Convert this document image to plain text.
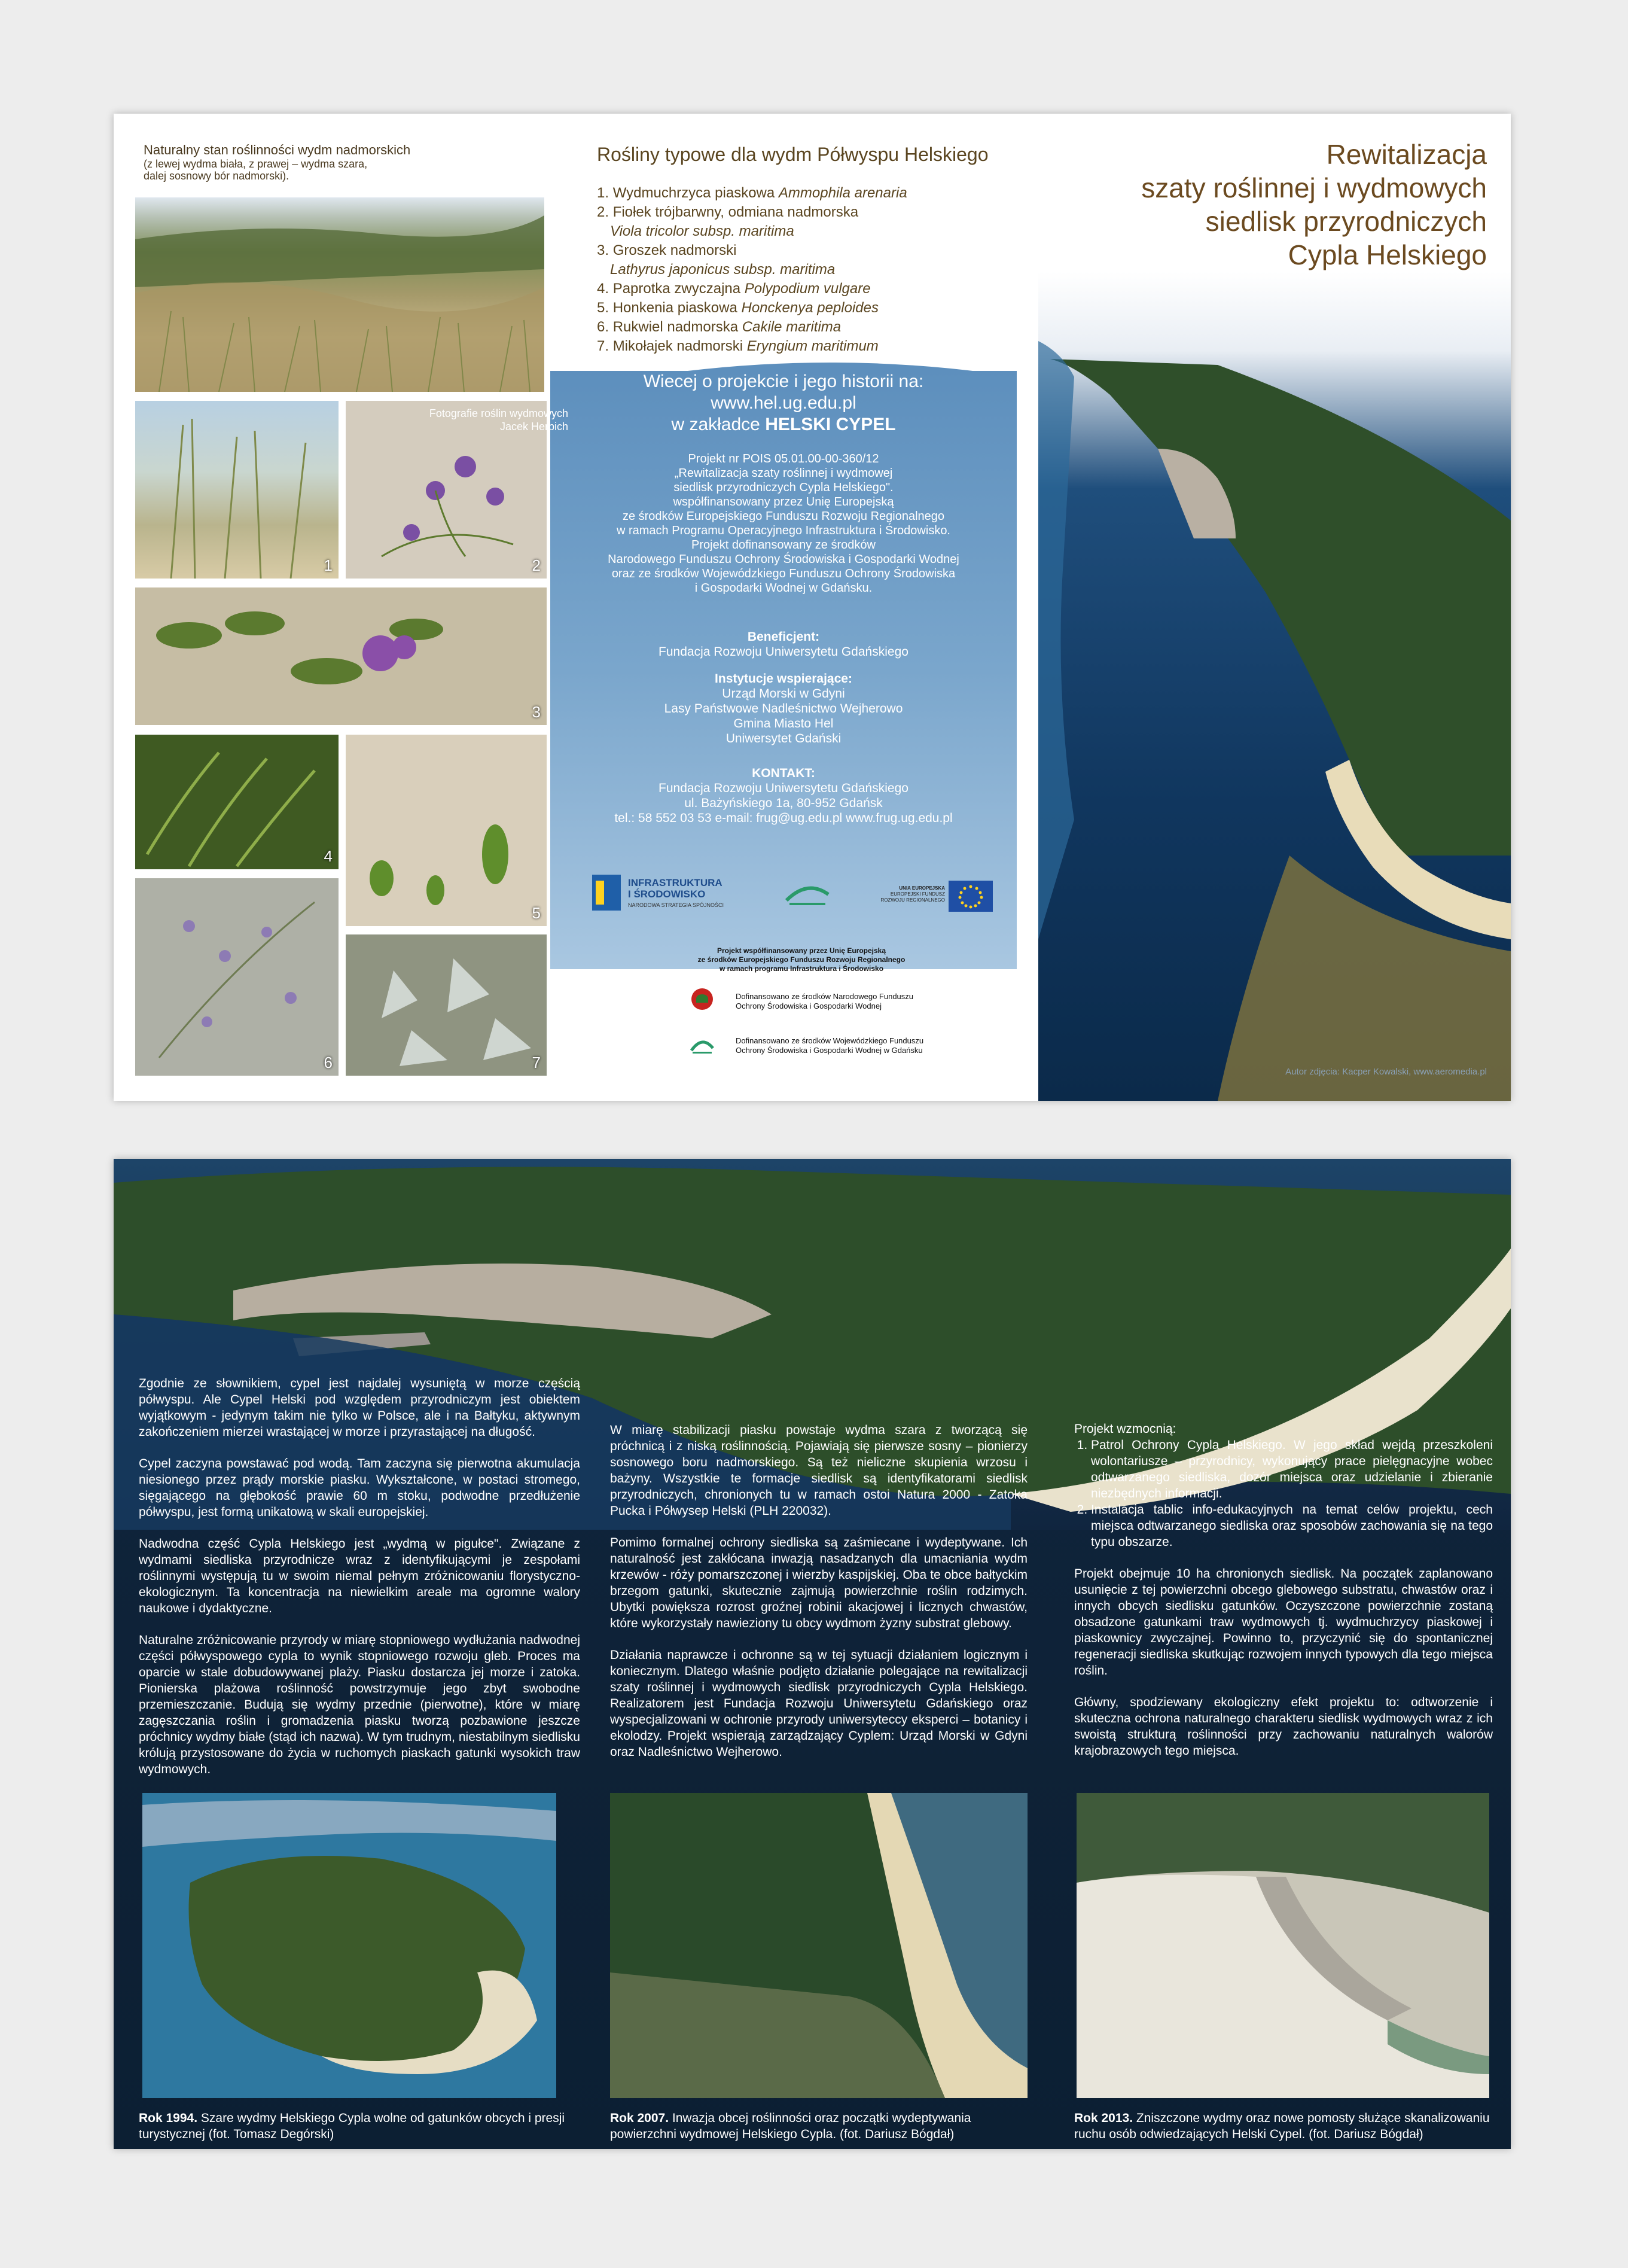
Naturalny stan roślinności wydm nadmorskich
(z lewej wydma biała, z prawej – wydma szara,
dalej sosnowy bór nadmorski).
1
Fotografie roślin wydmowych
Jacek Herbich
2
3
4
5
6	7
Rośliny typowe dla wydm Półwyspu Helskiego
1. Wydmuchrzyca piaskowa Ammophila arenaria
2. Fiołek trójbarwny, odmiana nadmorska
Viola tricolor subsp. maritima
3. Groszek nadmorski
Lathyrus japonicus subsp. maritima
4. Paprotka zwyczajna Polypodium vulgare
5. Honkenia piaskowa Honckenya peploides
6. Rukwiel nadmorska Cakile maritima
7. Mikołajek nadmorski Eryngium maritimum
Wiecej o projekcie i jego historii na:
www.hel.ug.edu.pl
w zakładce HELSKI CYPEL
Projekt nr POIS 05.01.00-00-360/12
„Rewitalizacja szaty roślinnej i wydmowej
siedlisk przyrodniczych Cypla Helskiego".
współfinansowany przez Unię Europejską
ze środków Europejskiego Funduszu Rozwoju Regionalnego
w ramach Programu Operacyjnego Infrastruktura i Środowisko.
Projekt dofinansowany ze środków
Narodowego Funduszu Ochrony Środowiska i Gospodarki Wodnej
oraz ze środków Wojewódzkiego Funduszu Ochrony Środowiska
i Gospodarki Wodnej w Gdańsku.
Beneficjent:
Fundacja Rozwoju Uniwersytetu Gdańskiego
Instytucje wspierające:
Urząd Morski w Gdyni
Lasy Państwowe Nadleśnictwo Wejherowo
Gmina Miasto Hel
Uniwersytet Gdański
KONTAKT:
Fundacja Rozwoju Uniwersytetu Gdańskiego
ul. Bażyńskiego 1a, 80-952 Gdańsk
tel.: 58 552 03 53 e-mail: frug@ug.edu.pl www.frug.ug.edu.pl
INFRASTRUKTURA
I ŚRODOWISKO
NARODOWA STRATEGIA SPÓJNOŚCI
UNIA EUROPEJSKA
EUROPEJSKI FUNDUSZ
ROZWOJU REGIONALNEGO
Projekt współfinansowany przez Unię Europejską
ze środków Europejskiego Funduszu Rozwoju Regionalnego
w ramach programu Infrastruktura i Środowisko
Dofinansowano ze środków Narodowego Funduszu
Ochrony Środowiska i Gospodarki Wodnej
Dofinansowano ze środków Wojewódzkiego Funduszu
Ochrony Środowiska i Gospodarki Wodnej w Gdańsku
Rewitalizacja
szaty roślinnej i wydmowych
siedlisk przyrodniczych
Cypla Helskiego
Autor zdjęcia: Kacper Kowalski, www.aeromedia.pl

Zgodnie ze słownikiem, cypel jest najdalej wysuniętą w morze częścią półwyspu. Ale Cypel Helski pod względem przyrodniczym jest obiektem wyjątkowym - jedynym takim nie tylko w Polsce, ale i na Bałtyku, aktywnym zakończeniem mierzei wrastającej w morze i przyrastającej na długość.

Cypel zaczyna powstawać pod wodą. Tam zaczyna się pierwotna akumulacja niesionego przez prądy morskie piasku. Wykształcone, w postaci stromego, sięgającego na głębokość prawie 60 m stoku, podwodne przedłużenie półwyspu, jest formą unikatową w skali europejskiej.

Nadwodna część Cypla Helskiego jest „wydmą w pigułce". Związane z wydmami siedliska przyrodnicze wraz z identyfikującymi je zespołami roślinnymi występują tu w swoim niemal pełnym zróżnicowaniu florystyczno-ekologicznym. Ta koncentracja na niewielkim areale ma ogromne walory naukowe i dydaktyczne.

Naturalne zróżnicowanie przyrody w miarę stopniowego wydłużania nadwodnej części półwyspowego cypla to wynik stopniowego rozwoju gleb. Proces ma oparcie w stale dobudowywanej plaży. Piasku dostarcza jej morze i zatoka. Pionierska plażowa roślinność powstrzymuje jego zbyt swobodne przemieszczanie. Budują się wydmy przednie (pierwotne), które w miarę zagęszczania roślin i gromadzenia piasku tworzą pozbawione jeszcze próchnicy wydmy białe (stąd ich nazwa). W tym trudnym, niestabilnym siedlisku królują przystosowane do życia w ruchomych piaskach gatunki wysokich traw wydmowych.

W miarę stabilizacji piasku powstaje wydma szara z tworzącą się próchnicą i z niską roślinnością. Pojawiają się pierwsze sosny – pionierzy sosnowego boru nadmorskiego. Są też nieliczne skupienia wrzosu i bażyny. Wszystkie te formacje siedlisk są identyfikatorami siedlisk przyrodniczych, chronionych tu w ramach ostoi Natura 2000 - Zatoka Pucka i Półwysep Helski (PLH 220032).

Pomimo formalnej ochrony siedliska są zaśmiecane i wydeptywane. Ich naturalność jest zakłócana inwazją nasadzanych dla umacniania wydm krzewów - róży pomarszczonej i wierzby kaspijskiej. Oba te obce bałtyckim brzegom gatunki, skutecznie zajmują powierzchnie roślin rodzimych. Ubytki powiększa rozrost groźnej robinii akacjowej i licznych chwastów, które wykorzystały nawieziony tu obcy wydmom żyzny substrat glebowy.

Działania naprawcze i ochronne są w tej sytuacji działaniem logicznym i koniecznym. Dlatego właśnie podjęto działanie polegające na rewitalizacji szaty roślinnej i wydmowych siedlisk przyrodniczych Cypla Helskiego. Realizatorem jest Fundacja Rozwoju Uniwersytetu Gdańskiego oraz wyspecjalizowani w ochronie przyrody uniwersyteccy eksperci – botanicy i ekolodzy. Projekt wspierają zarządzający Cyplem: Urząd Morski w Gdyni oraz Nadleśnictwo Wejherowo.

Projekt wzmocnią:
1. Patrol Ochrony Cypla Helskiego. W jego skład wejdą przeszkoleni wolontariusze – przyrodnicy, wykonujący prace pielęgnacyjne wobec odtwarzanego siedliska, dozór miejsca oraz udzielanie i zbieranie niezbędnych informacji.
2. Instalacja tablic info-edukacyjnych na temat celów projektu, cech miejsca odtwarzanego siedliska oraz sposobów zachowania się na tego typu obszarze.

Projekt obejmuje 10 ha chronionych siedlisk. Na początek zaplanowano usunięcie z tej powierzchni obcego glebowego substratu, chwastów oraz i innych obcych siedlisku gatunków. Oczyszczone powierzchnie zostaną obsadzone gatunkami traw wydmowych tj. wydmuchrzycy piaskowej i piaskownicy zwyczajnej. Powinno to, przyczynić się do spontanicznej regeneracji siedliska skutkując rozwojem innych typowych dla tego miejsca roślin.

Główny, spodziewany ekologiczny efekt projektu to: odtworzenie i skuteczna ochrona naturalnego charakteru siedlisk wydmowych wraz z ich swoistą strukturą roślinności przy zachowaniu naturalnych walorów krajobrazowych tego miejsca.

Rok 1994. Szare wydmy Helskiego Cypla wolne od gatunków obcych i presji turystycznej (fot. Tomasz Degórski)
Rok 2007. Inwazja obcej roślinności oraz początki wydeptywania powierzchni wydmowej Helskiego Cypla. (fot. Dariusz Bógdał)
Rok 2013. Zniszczone wydmy oraz nowe pomosty służące skanalizowaniu ruchu osób odwiedzających Helski Cypel. (fot. Dariusz Bógdał)
